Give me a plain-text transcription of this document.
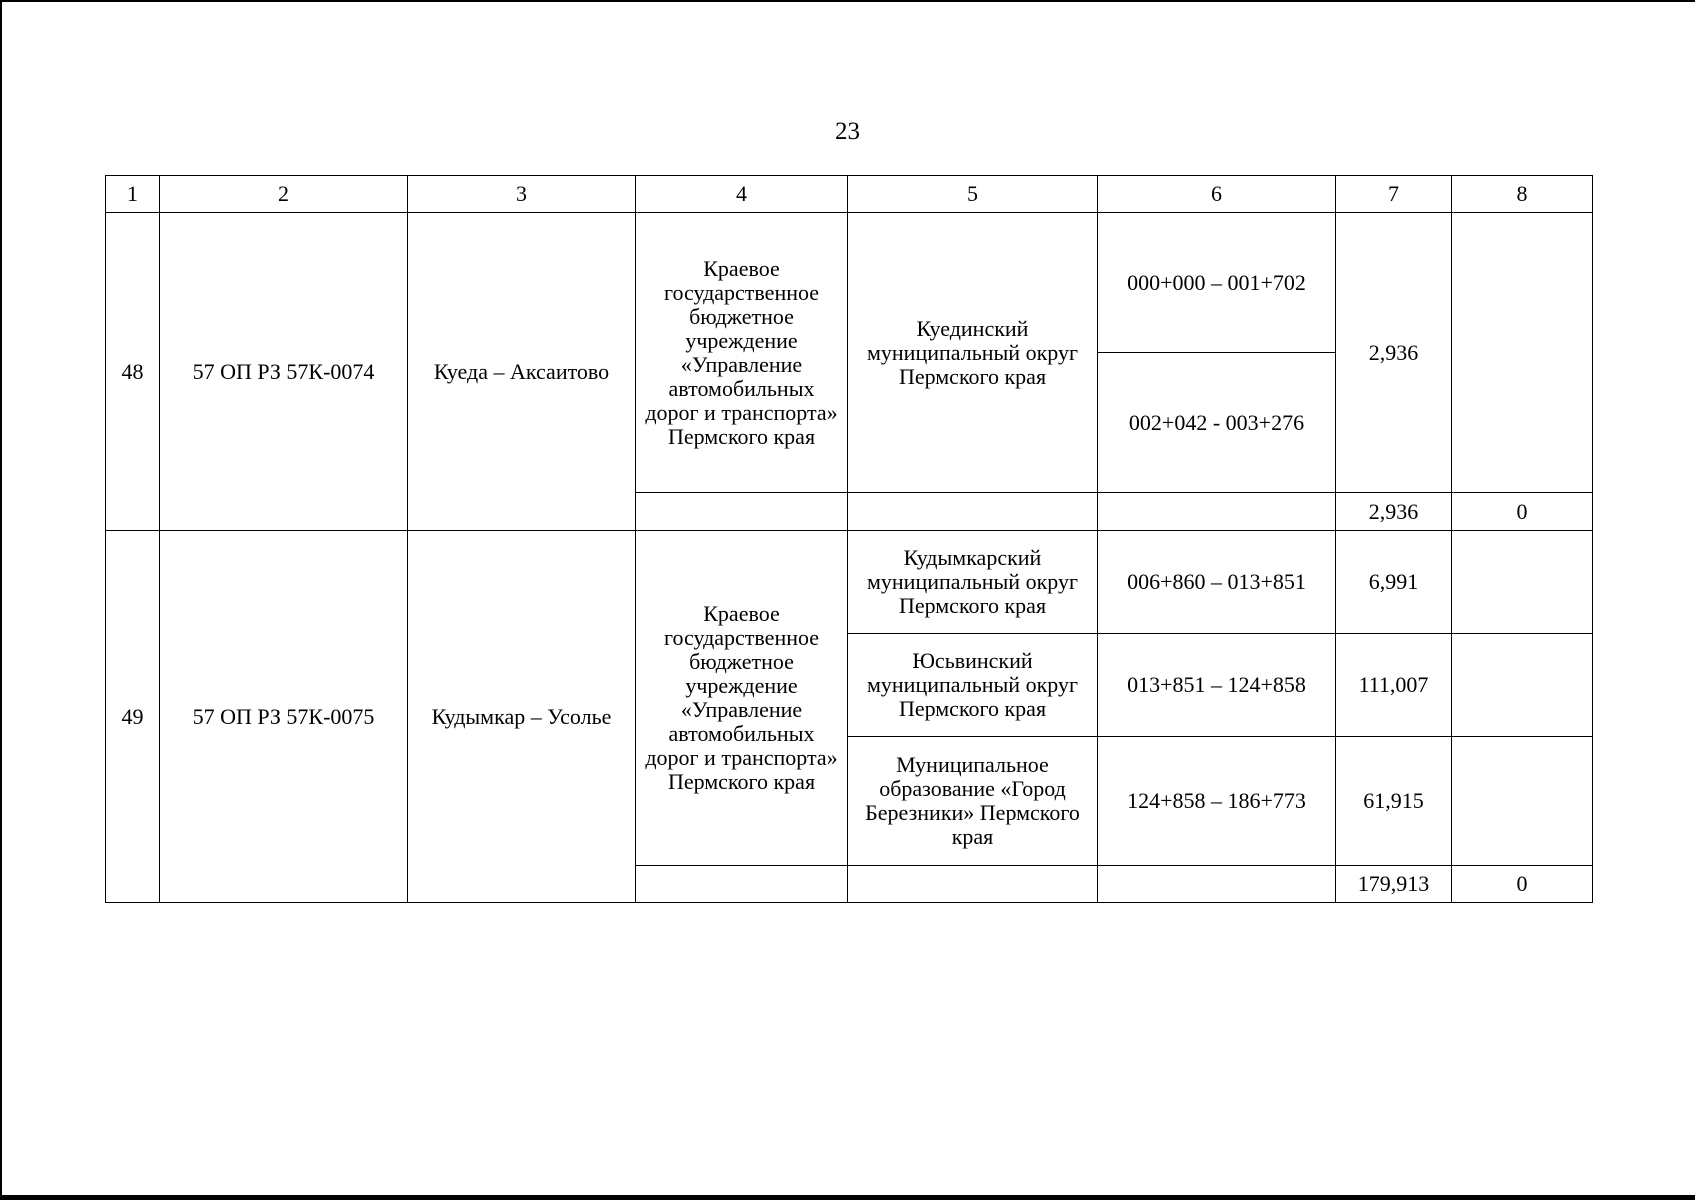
23
1	2	3	4	5	6	7	8
48	57 ОП РЗ 57К-0074	Куеда – Аксаитово	Краевое государственное бюджетное учреждение «Управление автомобильных дорог и транспорта» Пермского края	Куединский муниципальный округ Пермского края	000+000 – 001+702	2,936	
					002+042 - 003+276		
						2,936	0
49	57 ОП РЗ 57К-0075	Кудымкар – Усолье	Краевое государственное бюджетное учреждение «Управление автомобильных дорог и транспорта» Пермского края	Кудымкарский муниципальный округ Пермского края	006+860 – 013+851	6,991	
				Юсьвинский муниципальный округ Пермского края	013+851 – 124+858	111,007	
				Муниципальное образование «Город Березники» Пермского края	124+858 – 186+773	61,915	
						179,913	0
